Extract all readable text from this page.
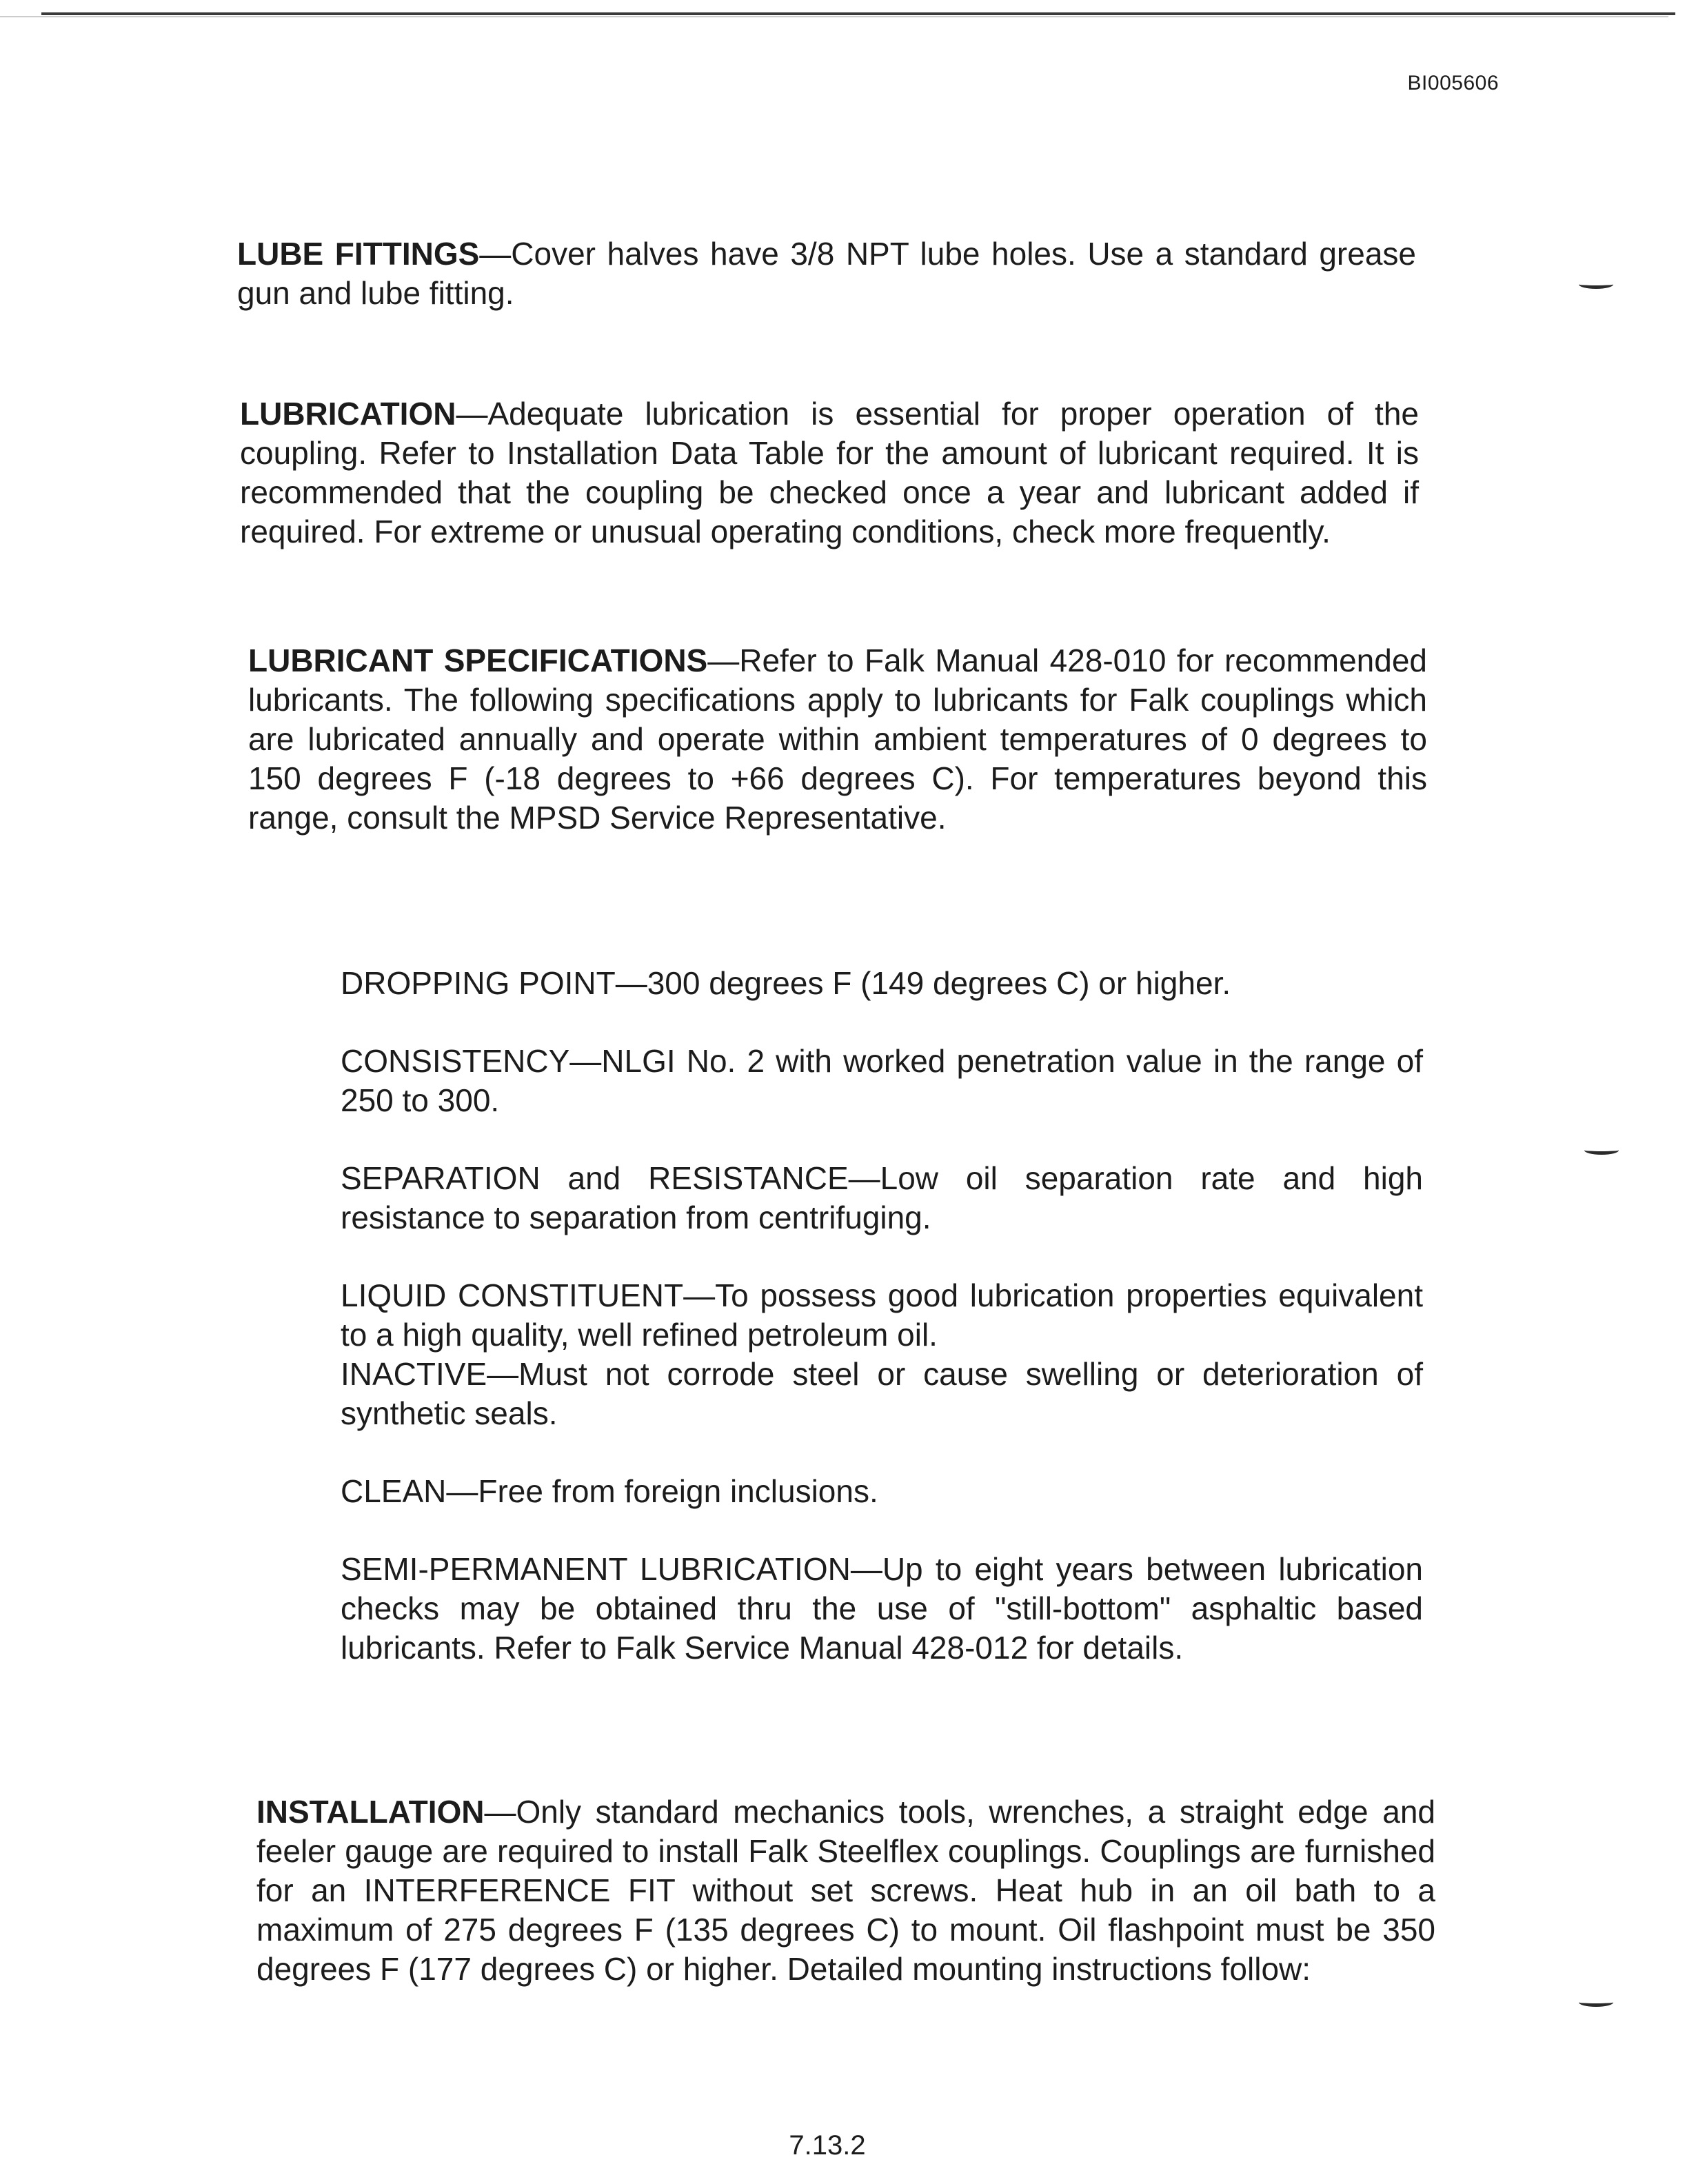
BI005606
LUBE FITTINGS—Cover halves have 3/8 NPT lube holes. Use a standard grease gun and lube fitting.
LUBRICATION—Adequate lubrication is essential for proper operation of the coupling. Refer to Installation Data Table for the amount of lubricant required. It is recommended that the coupling be checked once a year and lubricant added if required. For extreme or unusual operating conditions, check more frequently.
LUBRICANT SPECIFICATIONS—Refer to Falk Manual 428-010 for recommended lubricants. The following specifications apply to lubricants for Falk couplings which are lubricated annually and operate within ambient temperatures of 0 degrees to 150 degrees F (-18 degrees to +66 degrees C). For temperatures beyond this range, consult the MPSD Service Representative.

DROPPING POINT—300 degrees F (149 degrees C) or higher.

CONSISTENCY—NLGI No. 2 with worked penetration value in the range of 250 to 300.

SEPARATION and RESISTANCE—Low oil separation rate and high resistance to separation from centrifuging.

LIQUID CONSTITUENT—To possess good lubrication properties equivalent to a high quality, well refined petroleum oil.

INACTIVE—Must not corrode steel or cause swelling or deterioration of synthetic seals.

CLEAN—Free from foreign inclusions.

SEMI-PERMANENT LUBRICATION—Up to eight years between lubrication checks may be obtained thru the use of "still-bottom" asphaltic based lubricants. Refer to Falk Service Manual 428-012 for details.

INSTALLATION—Only standard mechanics tools, wrenches, a straight edge and feeler gauge are required to install Falk Steelflex couplings. Couplings are furnished for an INTERFERENCE FIT without set screws. Heat hub in an oil bath to a maximum of 275 degrees F (135 degrees C) to mount. Oil flashpoint must be 350 degrees F (177 degrees C) or higher. Detailed mounting instructions follow:
7.13.2
